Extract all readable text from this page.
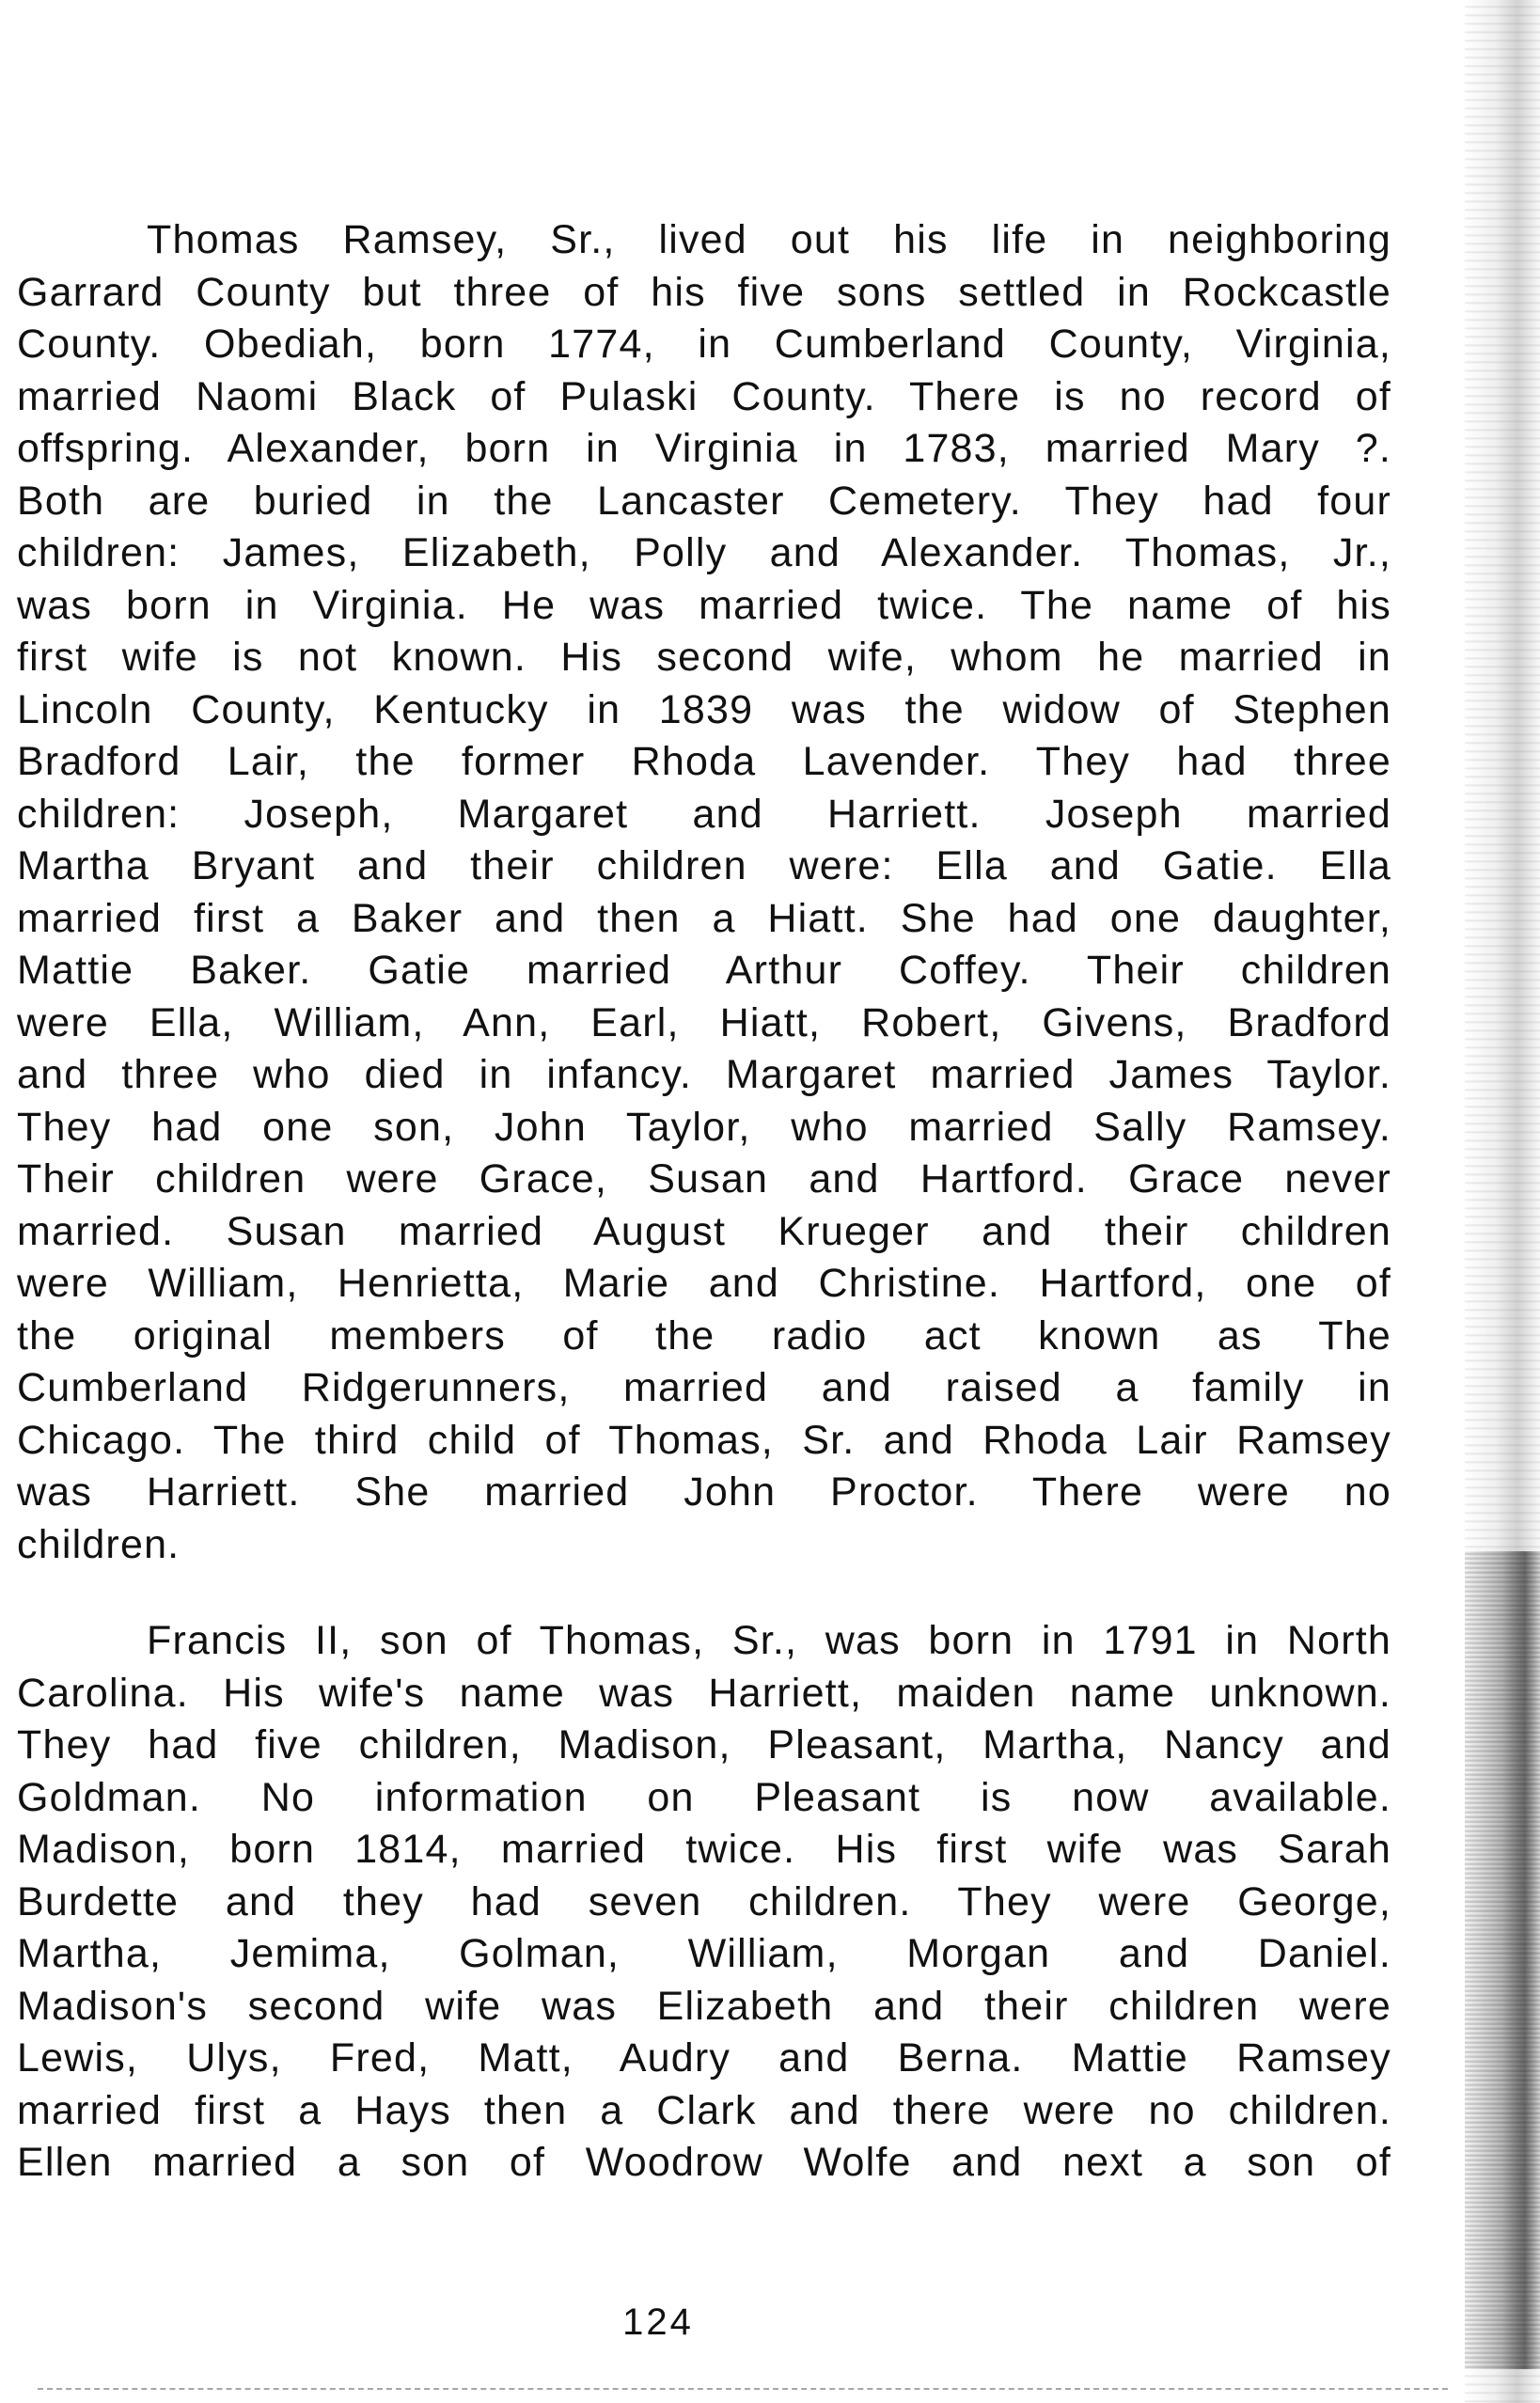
Thomas Ramsey, Sr., lived out his life in neighboring
Garrard County but three of his five sons settled in Rockcastle
County. Obediah, born 1774, in Cumberland County, Virginia,
married Naomi Black of Pulaski County. There is no record of
offspring. Alexander, born in Virginia in 1783, married Mary ?.
Both are buried in the Lancaster Cemetery. They had four
children: James, Elizabeth, Polly and Alexander. Thomas, Jr.,
was born in Virginia. He was married twice. The name of his
first wife is not known. His second wife, whom he married in
Lincoln County, Kentucky in 1839 was the widow of Stephen
Bradford Lair, the former Rhoda Lavender. They had three
children: Joseph, Margaret and Harriett. Joseph married
Martha Bryant and their children were: Ella and Gatie. Ella
married first a Baker and then a Hiatt. She had one daughter,
Mattie Baker. Gatie married Arthur Coffey. Their children
were Ella, William, Ann, Earl, Hiatt, Robert, Givens, Bradford
and three who died in infancy. Margaret married James Taylor.
They had one son, John Taylor, who married Sally Ramsey.
Their children were Grace, Susan and Hartford. Grace never
married. Susan married August Krueger and their children
were William, Henrietta, Marie and Christine. Hartford, one of
the original members of the radio act known as The
Cumberland Ridgerunners, married and raised a family in
Chicago. The third child of Thomas, Sr. and Rhoda Lair Ramsey
was Harriett. She married John Proctor. There were no
children.
Francis II, son of Thomas, Sr., was born in 1791 in North
Carolina. His wife's name was Harriett, maiden name unknown.
They had five children, Madison, Pleasant, Martha, Nancy and
Goldman. No information on Pleasant is now available.
Madison, born 1814, married twice. His first wife was Sarah
Burdette and they had seven children. They were George,
Martha, Jemima, Golman, William, Morgan and Daniel.
Madison's second wife was Elizabeth and their children were
Lewis, Ulys, Fred, Matt, Audry and Berna. Mattie Ramsey
married first a Hays then a Clark and there were no children.
Ellen married a son of Woodrow Wolfe and next a son of
124
